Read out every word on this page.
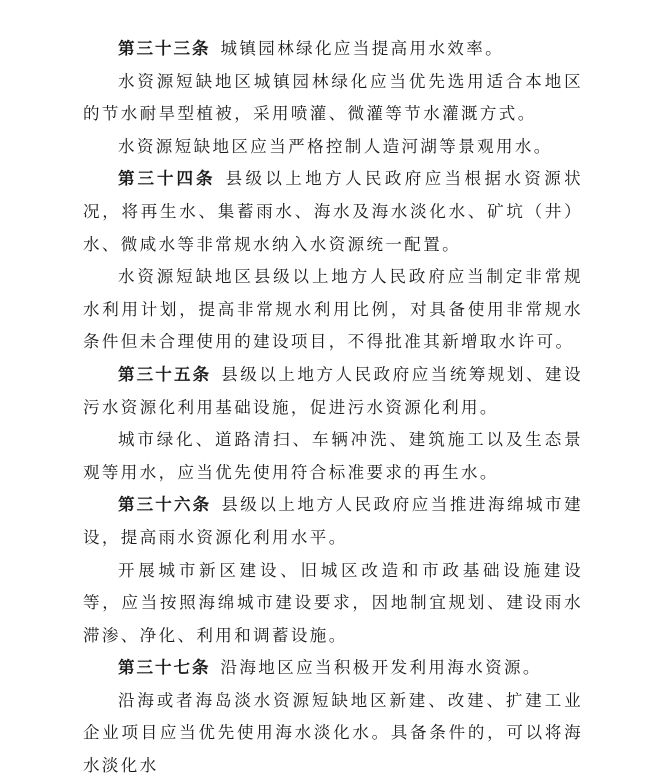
第三十三条 城镇园林绿化应当提高用水效率。

水资源短缺地区城镇园林绿化应当优先选用适合本地区的节水耐旱型植被，采用喷灌、微灌等节水灌溉方式。

水资源短缺地区应当严格控制人造河湖等景观用水。

第三十四条 县级以上地方人民政府应当根据水资源状况，将再生水、集蓄雨水、海水及海水淡化水、矿坑（井）水、微咸水等非常规水纳入水资源统一配置。

水资源短缺地区县级以上地方人民政府应当制定非常规水利用计划，提高非常规水利用比例，对具备使用非常规水条件但未合理使用的建设项目，不得批准其新增取水许可。

第三十五条 县级以上地方人民政府应当统筹规划、建设污水资源化利用基础设施，促进污水资源化利用。

城市绿化、道路清扫、车辆冲洗、建筑施工以及生态景观等用水，应当优先使用符合标准要求的再生水。

第三十六条 县级以上地方人民政府应当推进海绵城市建设，提高雨水资源化利用水平。

开展城市新区建设、旧城区改造和市政基础设施建设等，应当按照海绵城市建设要求，因地制宜规划、建设雨水滞渗、净化、利用和调蓄设施。

第三十七条 沿海地区应当积极开发利用海水资源。

沿海或者海岛淡水资源短缺地区新建、改建、扩建工业企业项目应当优先使用海水淡化水。具备条件的，可以将海水淡化水
